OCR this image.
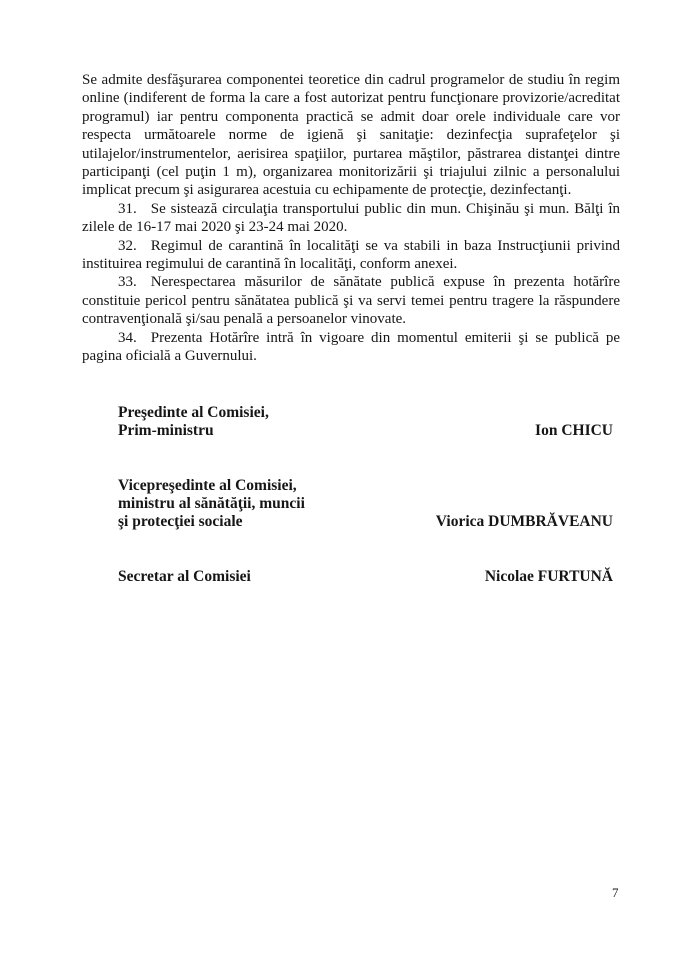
Se admite desfăşurarea componentei teoretice din cadrul programelor de studiu în regim online (indiferent de forma la care a fost autorizat pentru funcţionare provizorie/acreditat programul) iar pentru componenta practică se admit doar orele individuale care vor respecta următoarele norme de igienă şi sanitaţie: dezinfecţia suprafeţelor şi utilajelor/instrumentelor, aerisirea spaţiilor, purtarea măştilor, păstrarea distanţei dintre participanţi (cel puţin 1 m), organizarea monitorizării şi triajului zilnic a personalului implicat precum şi asigurarea acestuia cu echipamente de protecţie, dezinfectanţi.

31. Se sistează circulaţia transportului public din mun. Chişinău şi mun. Bălţi în zilele de 16-17 mai 2020 şi 23-24 mai 2020.

32. Regimul de carantină în localităţi se va stabili in baza Instrucţiunii privind instituirea regimului de carantină în localităţi, conform anexei.

33. Nerespectarea măsurilor de sănătate publică expuse în prezenta hotărîre constituie pericol pentru sănătatea publică şi va servi temei pentru tragere la răspundere contravenţională şi/sau penală a persoanelor vinovate.

34. Prezenta Hotărîre intră în vigoare din momentul emiterii şi se publică pe pagina oficială a Guvernului.

Preşedinte al Comisiei,
Prim-ministru	Ion CHICU
Vicepreşedinte al Comisiei,
ministru al sănătăţii, muncii
şi protecţiei sociale	Viorica DUMBRĂVEANU
Secretar al Comisiei	Nicolae FURTUNĂ
7
